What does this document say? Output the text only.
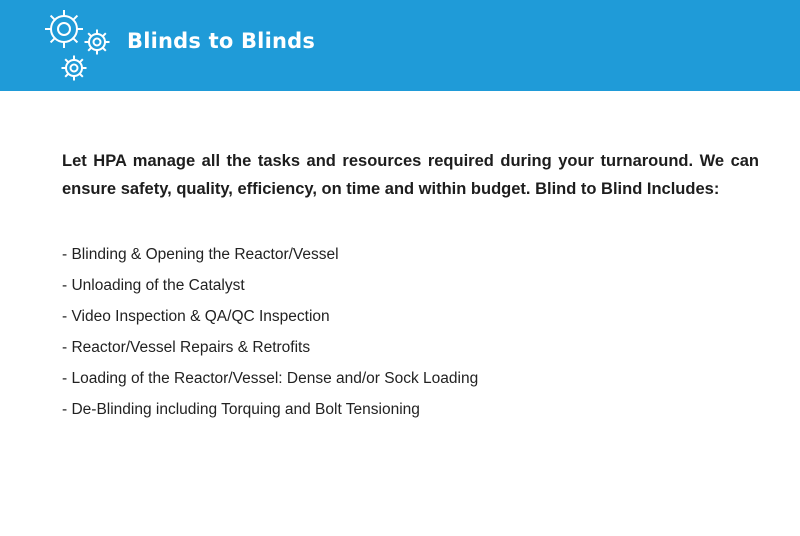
Blinds to Blinds

Let HPA manage all the tasks and resources required during your turnaround. We can ensure safety, quality, efficiency, on time and within budget. Blind to Blind Includes:

- Blinding & Opening the Reactor/Vessel
- Unloading of the Catalyst
- Video Inspection & QA/QC Inspection
- Reactor/Vessel Repairs & Retrofits
- Loading of the Reactor/Vessel: Dense and/or Sock Loading
- De-Blinding including Torquing and Bolt Tensioning
